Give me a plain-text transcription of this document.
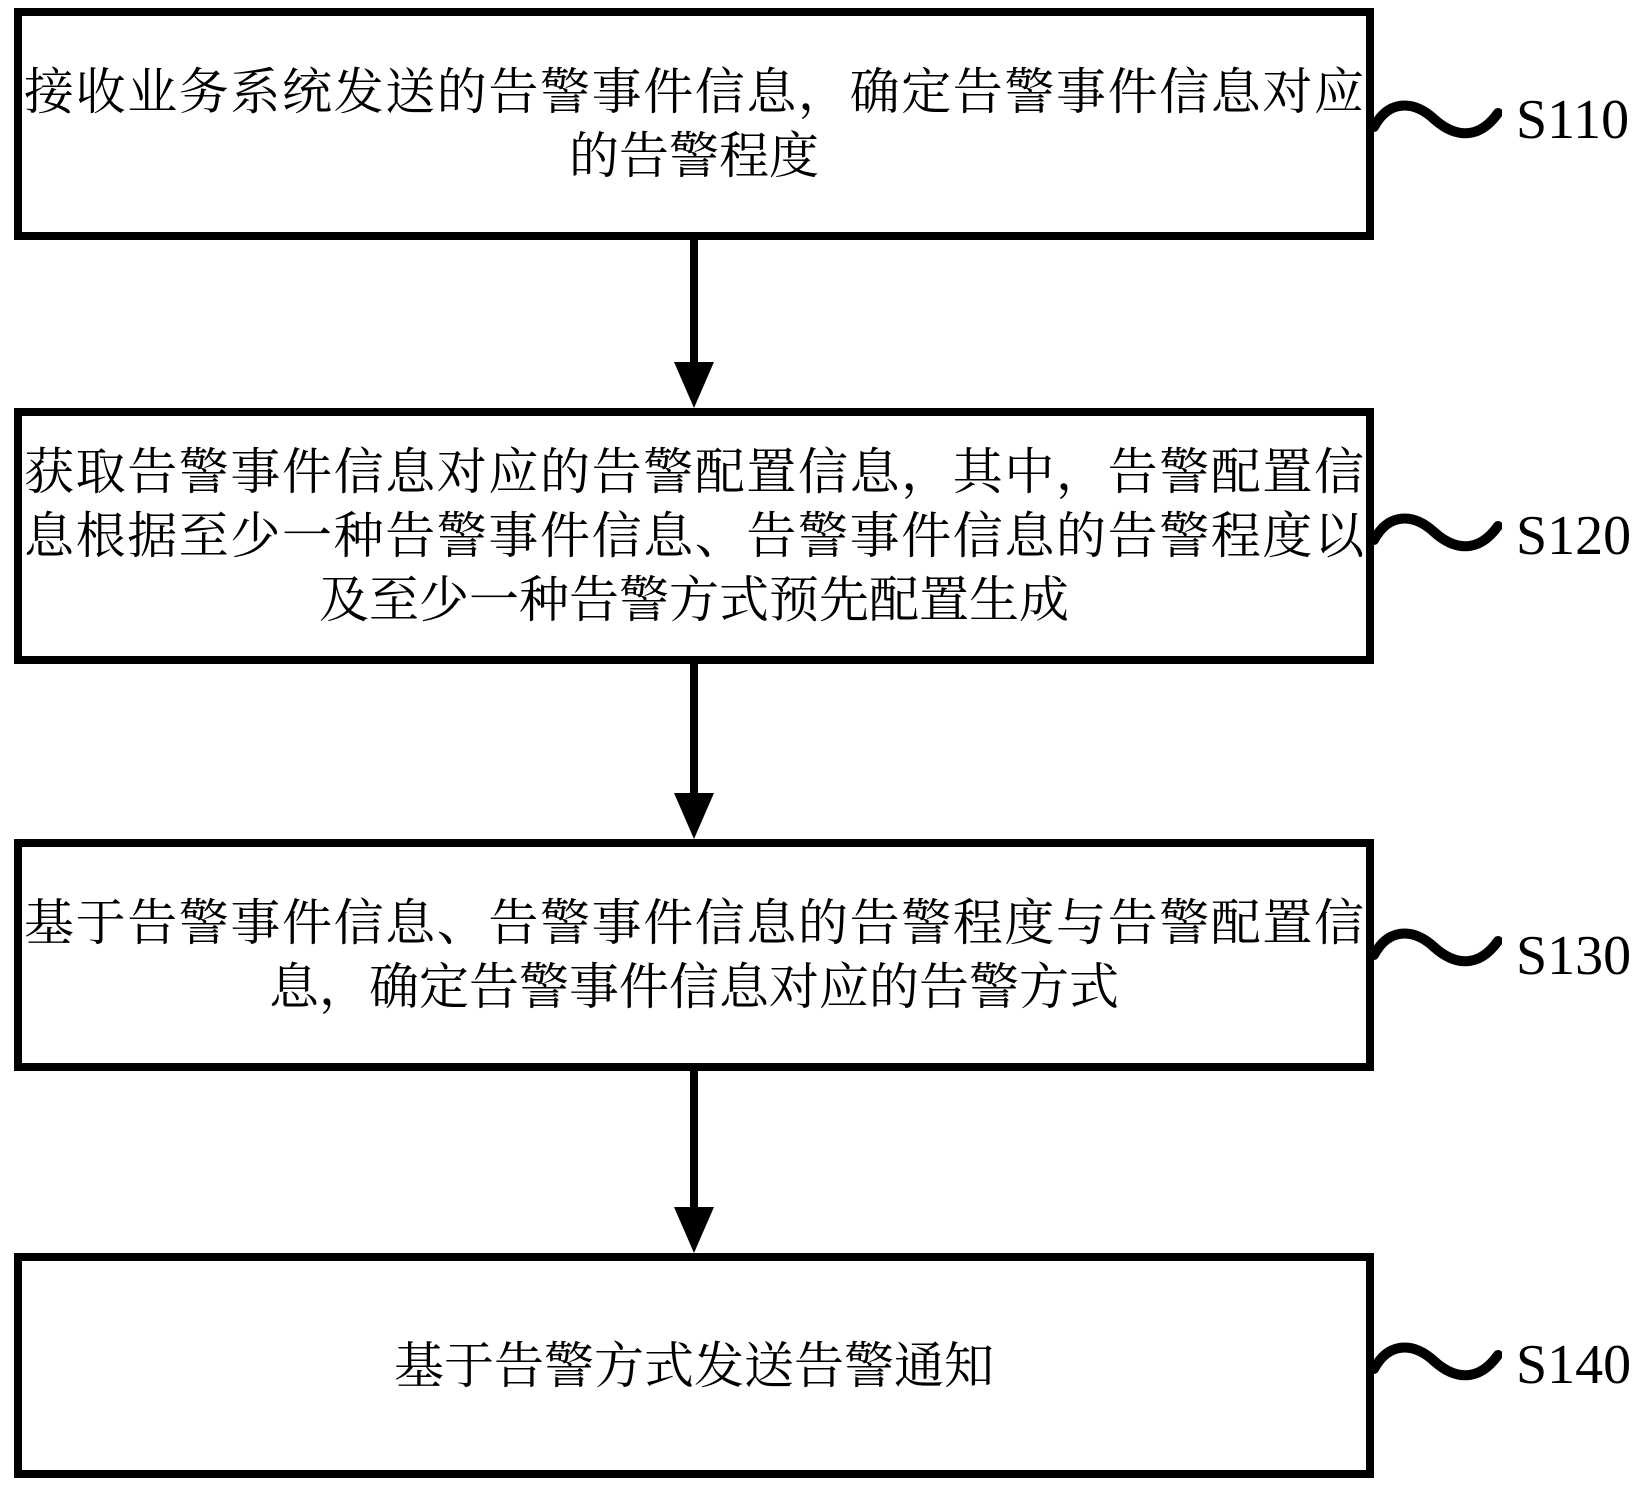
接收业务系统发送的告警事件信息，确定告警事件信息对应
的告警程度
获取告警事件信息对应的告警配置信息，其中，告警配置信
息根据至少一种告警事件信息、告警事件信息的告警程度以
及至少一种告警方式预先配置生成
基于告警事件信息、告警事件信息的告警程度与告警配置信
息，确定告警事件信息对应的告警方式
基于告警方式发送告警通知
S110
S120
S130
S140
